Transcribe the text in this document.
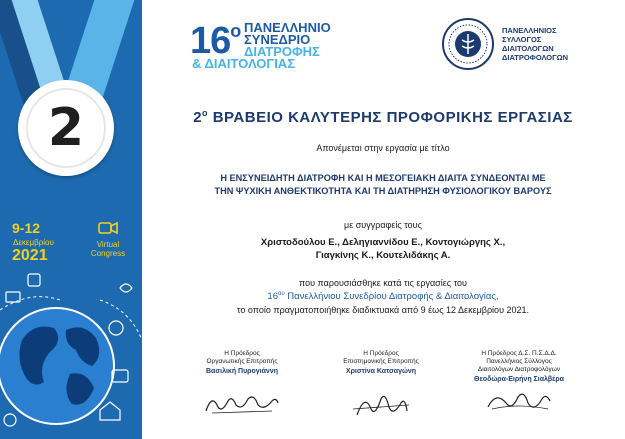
2
9-12
Δεκεμβρίου
2021
Virtual
Congress
$16^o$ ΠΑΝΕΛΛΗΝΙΟ
ΣΥΝΕΔΡΙΟ
ΔΙΑΤΡΟΦΗΣ
& ΔΙΑΙΤΟΛΟΓΙΑΣ
ΠΑΝΕΛΛΗΝΙΟΣ
ΣΥΛΛΟΓΟΣ
ΔΙΑΙΤΟΛΟΓΩΝ
ΔΙΑΤΡΟΦΟΛΟΓΩΝ
$2^o$ ΒΡΑΒΕΙΟ ΚΑΛΥΤΕΡΗΣ ΠΡΟΦΟΡΙΚΗΣ ΕΡΓΑΣΙΑΣ
Απονέμεται στην εργασία με τίτλο
Η ΕΝΣΥΝΕΙΔΗΤΗ ΔΙΑΤΡΟΦΗ ΚΑΙ Η ΜΕΣΟΓΕΙΑΚΗ ΔΙΑΙΤΑ ΣΥΝΔΕΟΝΤΑΙ ΜΕ
ΤΗΝ ΨΥΧΙΚΗ ΑΝΘΕΚΤΙΚΟΤΗΤΑ ΚΑΙ ΤΗ ΔΙΑΤΗΡΗΣΗ ΦΥΣΙΟΛΟΓΙΚΟΥ ΒΑΡΟΥΣ
με συγγραφείς τους
Χριστοδούλου Ε., Δεληγιαννίδου Ε., Κοντογιώργης Χ.,
Γιαγκίνης Κ., Κουτελιδάκης Α.
που παρουσιάσθηκε κατά τις εργασίες του
$16^{o\upsilon}$ Πανελλήνιου Συνεδρίου Διατροφής & Διαιτολογίας,
το οποίο πραγματοποιήθηκε διαδικτυακά από 9 έως 12 Δεκεμβρίου 2021.
Η Πρόεδρος
Οργανωτικής Επιτροπής
Βασιλική Πυρογιάννη
Η Πρόεδρος
Επιστημονικής Επιτροπής
Χριστίνα Κατσαγώνη
Η Πρόεδρος Δ.Σ. Π.Σ.Δ.Δ.
Πανελλήνιος Σύλλογος
Διαιτολόγων Διατροφολόγων
Θεοδώρα-Ειρήνη Σιαλβέρα
